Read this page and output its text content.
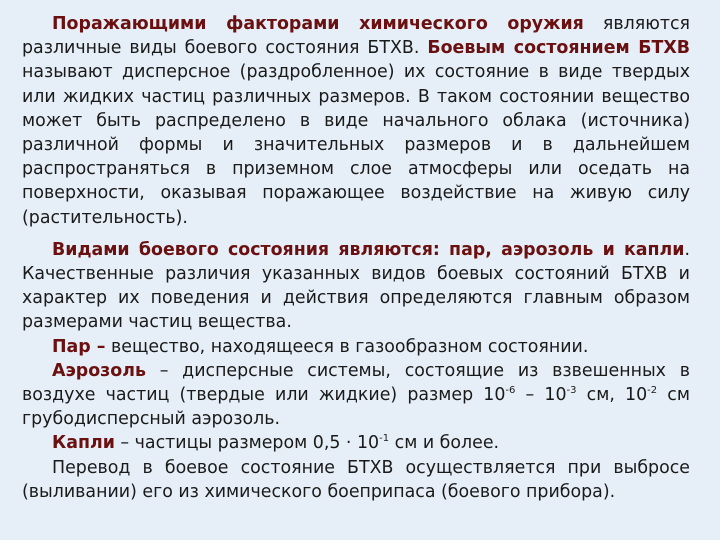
Поражающими факторами химического оружия являются различные виды боевого состояния БТХВ. Боевым состоянием БТХВ называют дисперсное (раздробленное) их состояние в виде твердых или жидких частиц различных размеров. В таком состоянии вещество может быть распределено в виде начального облака (источника) различной формы и значительных размеров и в дальнейшем распространяться в приземном слое атмосферы или оседать на поверхности, оказывая поражающее воздействие на живую силу (растительность).

Видами боевого состояния являются: пар, аэрозоль и капли. Качественные различия указанных видов боевых состояний БТХВ и характер их поведения и действия определяются главным образом размерами частиц вещества.

Пар – вещество, находящееся в газообразном состоянии.

Аэрозоль – дисперсные системы, состоящие из взвешенных в воздухе частиц (твердые или жидкие) размер $10^{-6} - 10^{-3}$ см, $10^{-2}$ см грубодисперсный аэрозоль.

Капли – частицы размером $0,5 \cdot 10^{-1}$ см и более.

Перевод в боевое состояние БТХВ осуществляется при выбросе (выливании) его из химического боеприпаса (боевого прибора).
